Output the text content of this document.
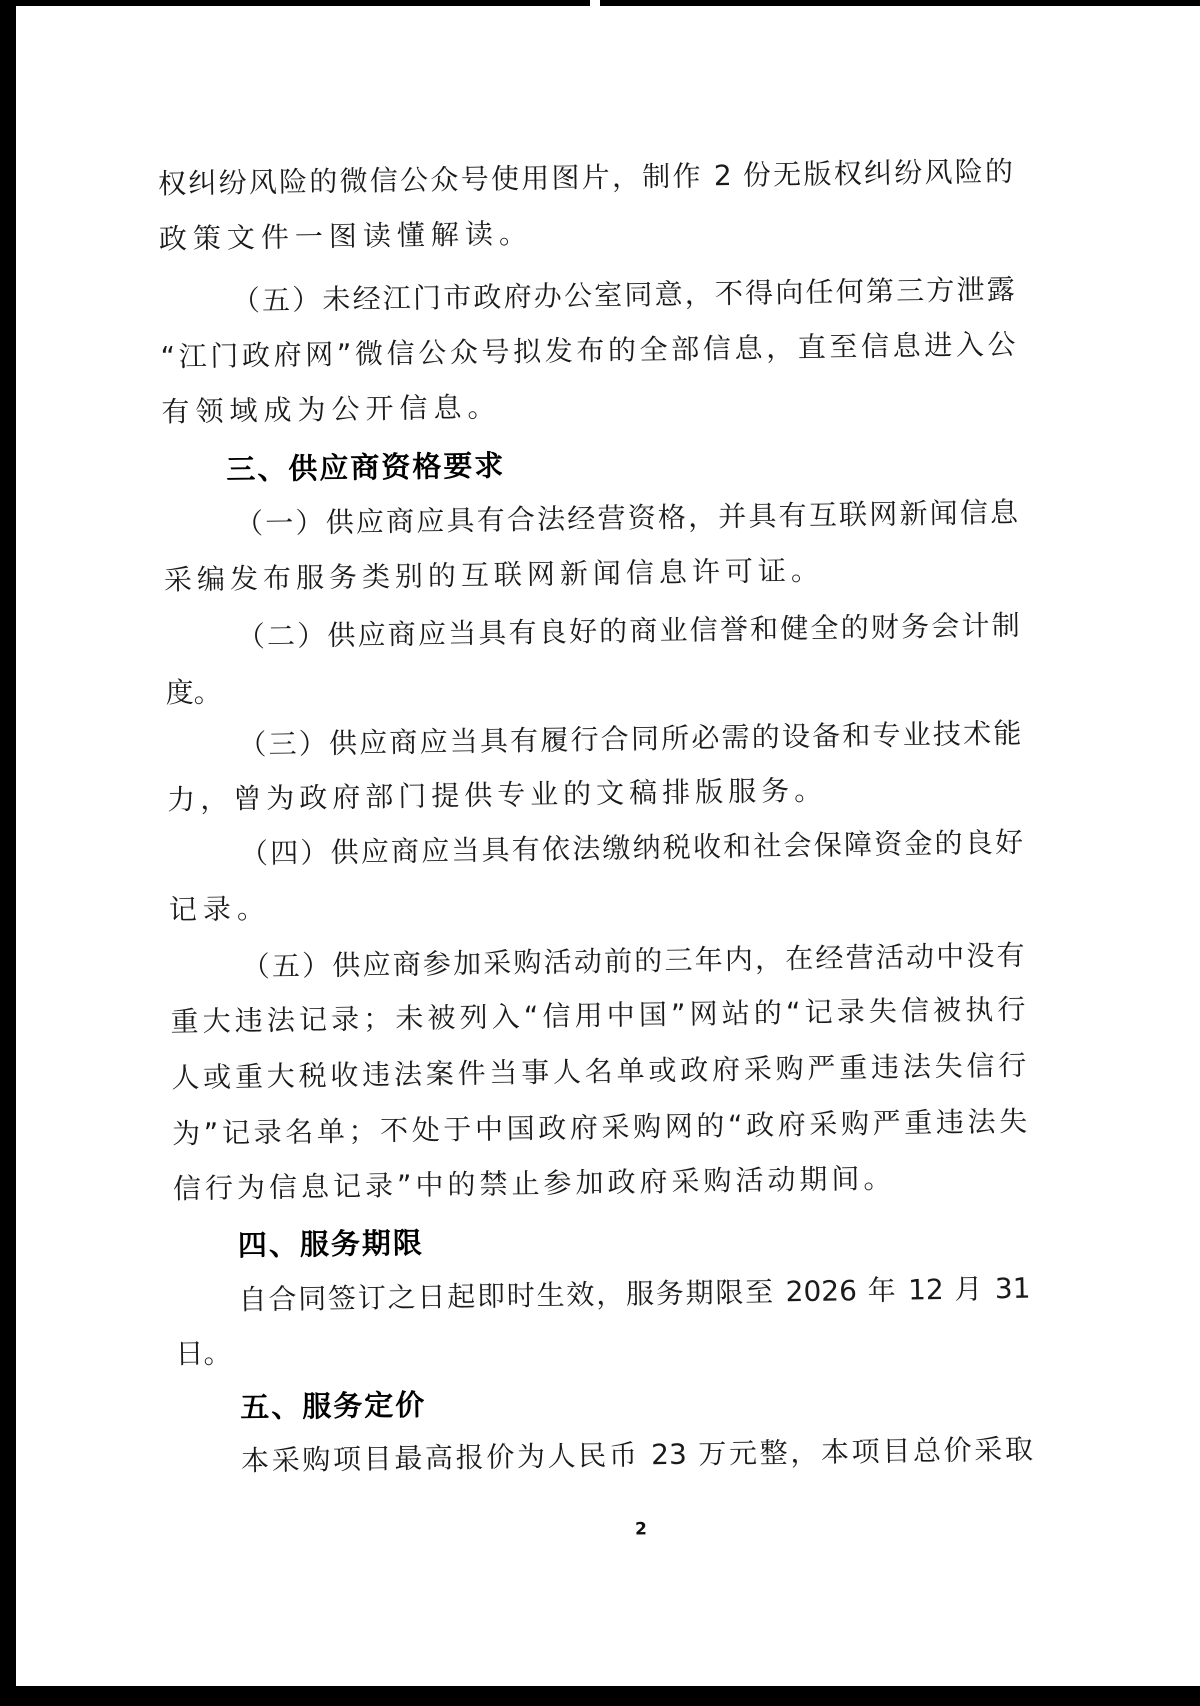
权纠纷风险的微信公众号使用图片，制作 2 份无版权纠纷风险的
政策文件一图读懂解读。
（五）未经江门市政府办公室同意，不得向任何第三方泄露
“江门政府网”微信公众号拟发布的全部信息，直至信息进入公
有领域成为公开信息。
三、供应商资格要求
（一）供应商应具有合法经营资格，并具有互联网新闻信息
采编发布服务类别的互联网新闻信息许可证。
（二）供应商应当具有良好的商业信誉和健全的财务会计制
度。
（三）供应商应当具有履行合同所必需的设备和专业技术能
力，曾为政府部门提供专业的文稿排版服务。
（四）供应商应当具有依法缴纳税收和社会保障资金的良好
记录。
（五）供应商参加采购活动前的三年内，在经营活动中没有
重大违法记录；未被列入“信用中国”网站的“记录失信被执行
人或重大税收违法案件当事人名单或政府采购严重违法失信行
为”记录名单；不处于中国政府采购网的“政府采购严重违法失
信行为信息记录”中的禁止参加政府采购活动期间。
四、服务期限
自合同签订之日起即时生效，服务期限至 2026 年 12 月 31
日。
五、服务定价
本采购项目最高报价为人民币 23 万元整，本项目总价采取
2
